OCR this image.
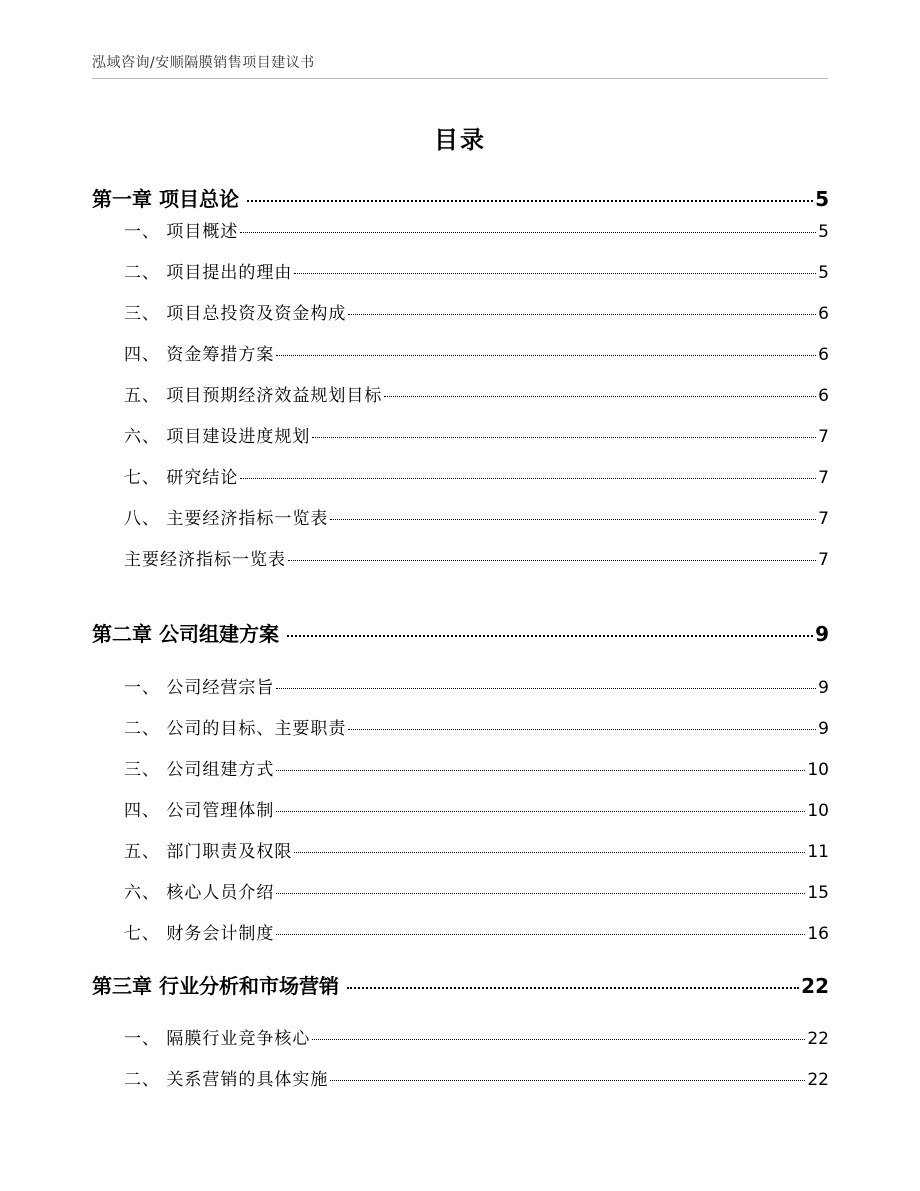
泓域咨询/安顺隔膜销售项目建议书
目录
第一章 项目总论	5
一、 项目概述	5
二、 项目提出的理由	5
三、 项目总投资及资金构成	6
四、 资金筹措方案	6
五、 项目预期经济效益规划目标	6
六、 项目建设进度规划	7
七、 研究结论	7
八、 主要经济指标一览表	7
主要经济指标一览表	7
第二章 公司组建方案	9
一、 公司经营宗旨	9
二、 公司的目标、主要职责	9
三、 公司组建方式	10
四、 公司管理体制	10
五、 部门职责及权限	11
六、 核心人员介绍	15
七、 财务会计制度	16
第三章 行业分析和市场营销	22
一、 隔膜行业竞争核心	22
二、 关系营销的具体实施	22
